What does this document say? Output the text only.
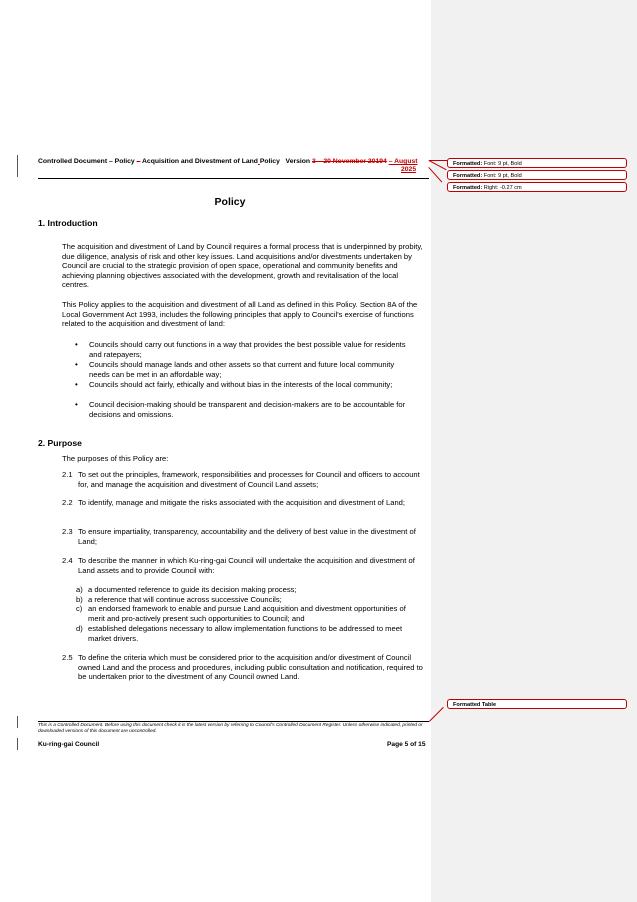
Controlled Document – Policy – Acquisition and Divestment of Land Policy Version 3 – 20 November 20194 – August
2025
Policy
1. Introduction

The acquisition and divestment of Land by Council requires a formal process that is underpinned by probity, due diligence, analysis of risk and other key issues. Land acquisitions and/or divestments undertaken by Council are crucial to the strategic provision of open space, operational and community benefits and achieving planning objectives associated with the development, growth and revitalisation of the local centres.

This Policy applies to the acquisition and divestment of all Land as defined in this Policy. Section 8A of the Local Government Act 1993, includes the following principles that apply to Council's exercise of functions related to the acquisition and divestment of land:

• Councils should carry out functions in a way that provides the best possible value for residents and ratepayers;
• Councils should manage lands and other assets so that current and future local community needs can be met in an affordable way;
• Councils should act fairly, ethically and without bias in the interests of the local community;
• Council decision-making should be transparent and decision-makers are to be accountable for decisions and omissions.
2. Purpose

The purposes of this Policy are:

2.1 To set out the principles, framework, responsibilities and processes for Council and officers to account for, and manage the acquisition and divestment of Council Land assets;
2.2 To identify, manage and mitigate the risks associated with the acquisition and divestment of Land;
2.3 To ensure impartiality, transparency, accountability and the delivery of best value in the divestment of Land;
2.4 To describe the manner in which Ku-ring-gai Council will undertake the acquisition and divestment of Land assets and to provide Council with:
a) a documented reference to guide its decision making process;
b) a reference that will continue across successive Councils;
c) an endorsed framework to enable and pursue Land acquisition and divestment opportunities of merit and pro-actively present such opportunities to Council; and
d) established delegations necessary to allow implementation functions to be addressed to meet market drivers.
2.5 To define the criteria which must be considered prior to the acquisition and/or divestment of Council owned Land and the process and procedures, including public consultation and notification, required to be undertaken prior to the divestment of any Council owned Land.
Formatted: Font: 9 pt, Bold
Formatted: Font: 9 pt, Bold
Formatted: Right: -0.27 cm
Formatted Table
This is a Controlled Document. Before using this document check it is the latest version by referring to Council's Controlled Document Register. Unless otherwise indicated, printed or downloaded versions of this document are uncontrolled.
Ku-ring-gai Council	Page 5 of 15
